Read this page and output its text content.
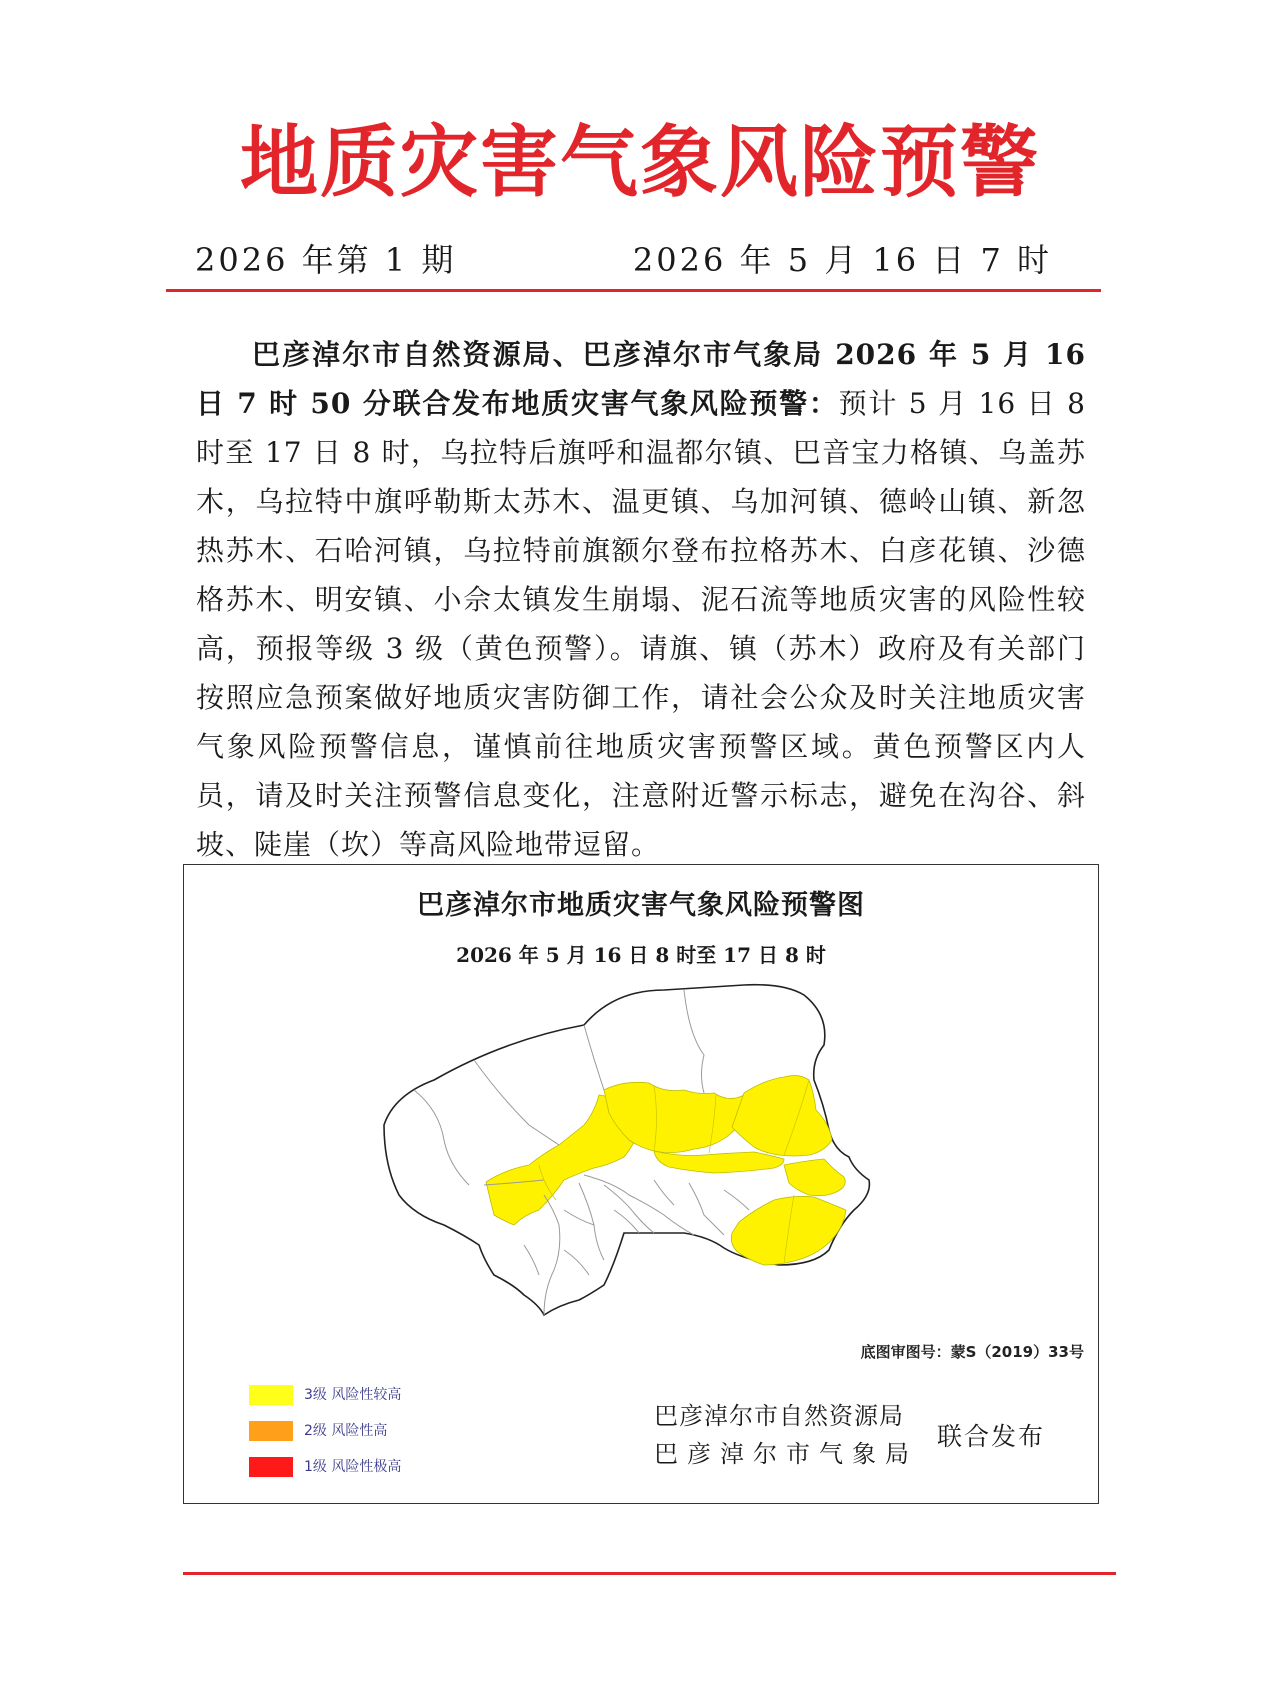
地质灾害气象风险预警
2026 年第 1 期	2026 年 5 月 16 日 7 时
巴彦淖尔市自然资源局、巴彦淖尔市气象局 2026 年 5 月 16 日 7 时 50 分联合发布地质灾害气象风险预警：预计 5 月 16 日 8 时至 17 日 8 时，乌拉特后旗呼和温都尔镇、巴音宝力格镇、乌盖苏木，乌拉特中旗呼勒斯太苏木、温更镇、乌加河镇、德岭山镇、新忽热苏木、石哈河镇，乌拉特前旗额尔登布拉格苏木、白彦花镇、沙德格苏木、明安镇、小佘太镇发生崩塌、泥石流等地质灾害的风险性较高，预报等级 3 级（黄色预警）。请旗、镇（苏木）政府及有关部门按照应急预案做好地质灾害防御工作，请社会公众及时关注地质灾害气象风险预警信息，谨慎前往地质灾害预警区域。黄色预警区内人员，请及时关注预警信息变化，注意附近警示标志，避免在沟谷、斜坡、陡崖（坎）等高风险地带逗留。
巴彦淖尔市地质灾害气象风险预警图
2026 年 5 月 16 日 8 时至 17 日 8 时
底图审图号：蒙S（2019）33号
3级 风险性较高
2级 风险性高
1级 风险性极高
巴彦淖尔市自然资源局
巴彦淖尔市气象局
联合发布
